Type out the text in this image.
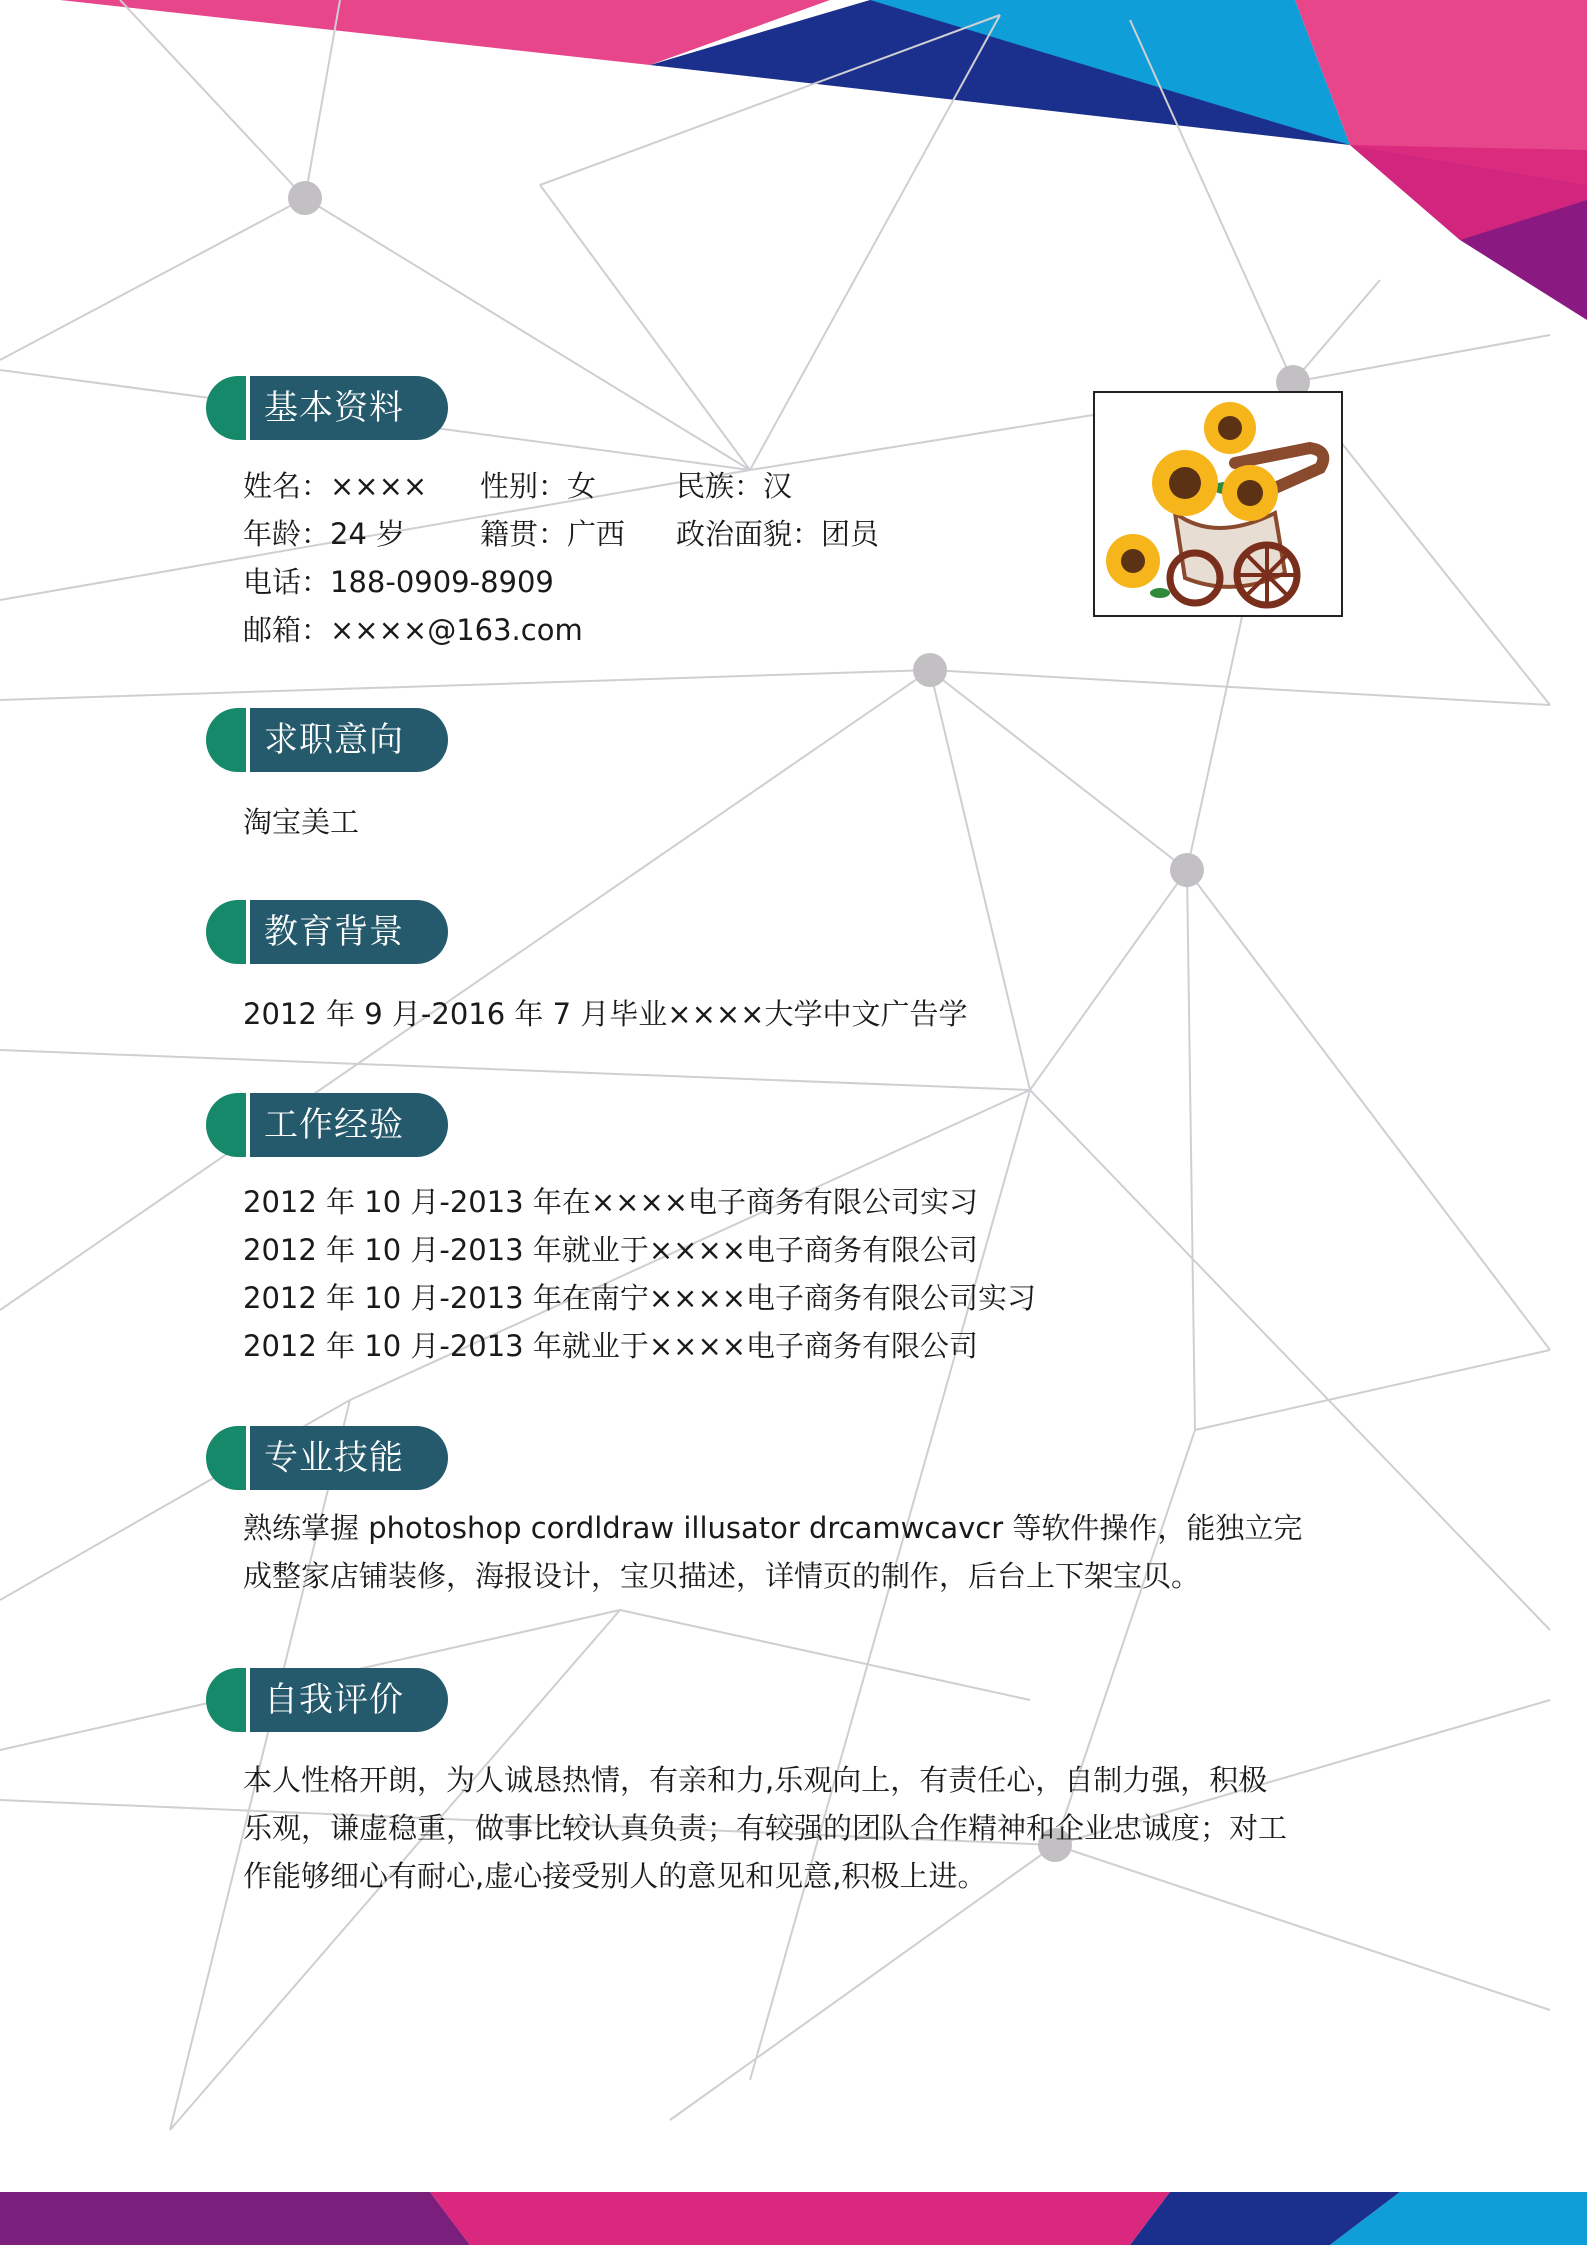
基本资料
姓名：×××× 性别：女	民族：汉
年龄：24 岁	籍贯：广西 政治面貌：团员
电话：188-0909-8909
邮箱：××××@163.com
求职意向
淘宝美工
教育背景
2012 年 9 月-2016 年 7 月毕业××××大学中文广告学
工作经验
2012 年 10 月-2013 年在××××电子商务有限公司实习
2012 年 10 月-2013 年就业于××××电子商务有限公司
2012 年 10 月-2013 年在南宁××××电子商务有限公司实习
2012 年 10 月-2013 年就业于××××电子商务有限公司
专业技能
熟练掌握 photoshop cordldraw illusator drcamwcavcr 等软件操作，能独立完
成整家店铺装修，海报设计，宝贝描述，详情页的制作，后台上下架宝贝。
自我评价
本人性格开朗，为人诚恳热情，有亲和力,乐观向上，有责任心，自制力强，积极
乐观，谦虚稳重，做事比较认真负责；有较强的团队合作精神和企业忠诚度；对工
作能够细心有耐心,虚心接受别人的意见和见意,积极上进。
